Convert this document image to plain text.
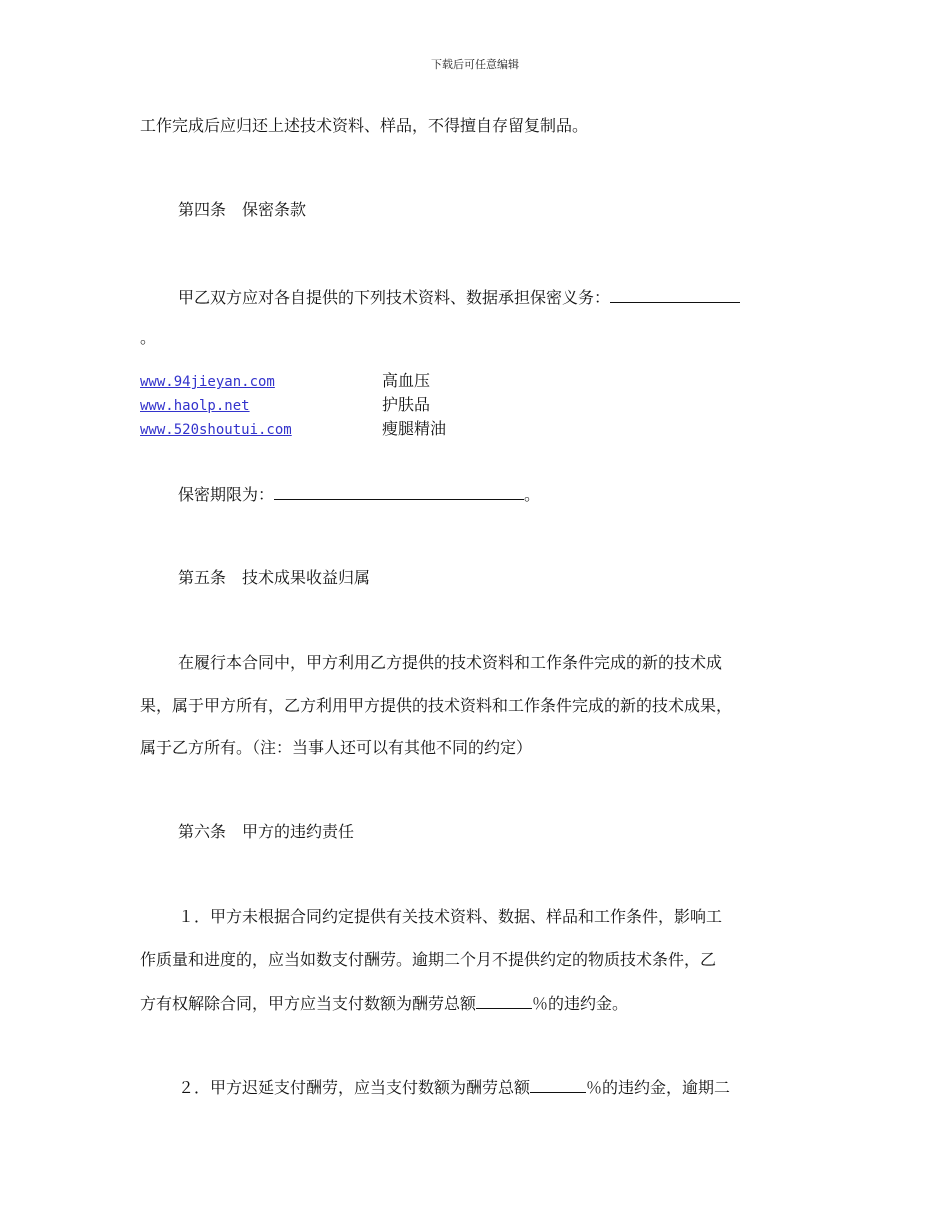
下载后可任意编辑
工作完成后应归还上述技术资料、样品，不得擅自存留复制品。
第四条　保密条款
甲乙双方应对各自提供的下列技术资料、数据承担保密义务：
。
www.94jieyan.com	高血压
www.haolp.net	护肤品
www.520shoutui.com	瘦腿精油
保密期限为：	。
第五条　技术成果收益归属
在履行本合同中，甲方利用乙方提供的技术资料和工作条件完成的新的技术成
果，属于甲方所有，乙方利用甲方提供的技术资料和工作条件完成的新的技术成果，
属于乙方所有。（注：当事人还可以有其他不同的约定）
第六条　甲方的违约责任
１．甲方未根据合同约定提供有关技术资料、数据、样品和工作条件，影响工
作质量和进度的，应当如数支付酬劳。逾期二个月不提供约定的物质技术条件，乙
方有权解除合同，甲方应当支付数额为酬劳总额	％的违约金。
２．甲方迟延支付酬劳，应当支付数额为酬劳总额	％的违约金，逾期二
